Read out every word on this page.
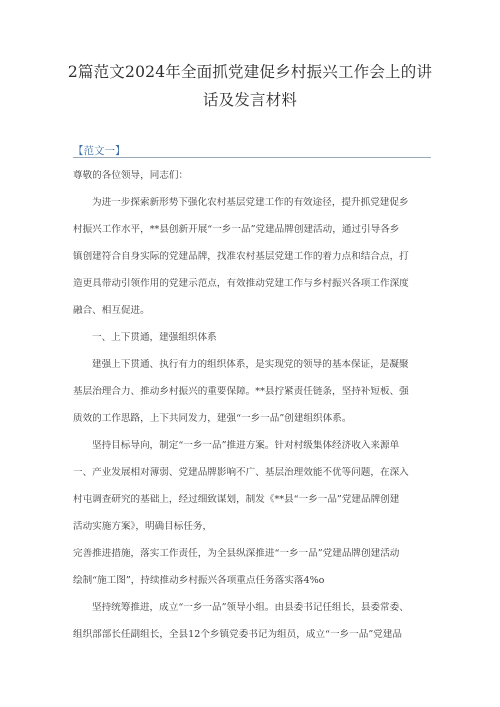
2篇范文2024年全面抓党建促乡村振兴工作会上的讲
话及发言材料
【范文一】
尊敬的各位领导，同志们：
为进一步探索新形势下强化农村基层党建工作的有效途径，提升抓党建促乡
村振兴工作水平，**县创新开展“一乡一品”党建品牌创建活动，通过引导各乡
镇创建符合自身实际的党建品牌，找准农村基层党建工作的着力点和结合点，打
造更具带动引领作用的党建示范点，有效推动党建工作与乡村振兴各项工作深度
融合、相互促进。
一、上下贯通，建强组织体系
建强上下贯通、执行有力的组织体系，是实现党的领导的基本保证，是凝聚
基层治理合力、推动乡村振兴的重要保障。**县拧紧责任链条，坚持补短板、强
质效的工作思路，上下共同发力，建强“一乡一品”创建组织体系。
坚持目标导向，制定“一乡一品”推进方案。针对村级集体经济收入来源单
一、产业发展相对薄弱、党建品牌影响不广、基层治理效能不优等问题，在深入
村屯调查研究的基础上，经过细致谋划，制发《**县“一乡一品”党建品牌创建
活动实施方案》，明确目标任务，
完善推进措施，落实工作责任，为全县纵深推进“一乡一品”党建品牌创建活动
绘制“施工图”，持续推动乡村振兴各项重点任务落实落4%o
坚持统筹推进，成立“一乡一品”领导小组。由县委书记任组长，县委常委、
组织部部长任副组长，全县12个乡镇党委书记为组员，成立“一乡一品”党建品
